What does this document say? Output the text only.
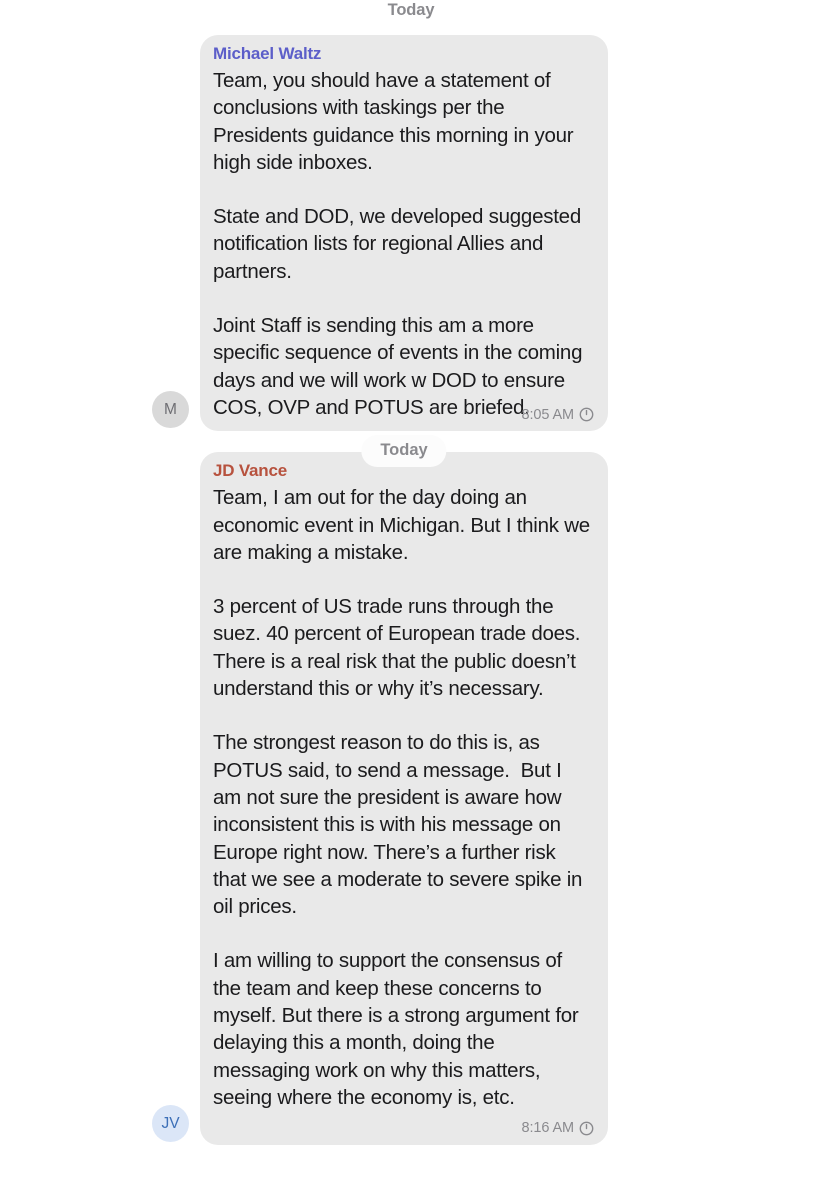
Today
M
Michael Waltz

Team, you should have a statement of conclusions with taskings per the Presidents guidance this morning in your high side inboxes.

State and DOD, we developed suggested notification lists for regional Allies and partners.

Joint Staff is sending this am a more specific sequence of events in the coming days and we will work w DOD to ensure COS, OVP and POTUS are briefed.

8:05 AM
JV
Today
JD Vance

Team, I am out for the day doing an economic event in Michigan. But I think we are making a mistake.

3 percent of US trade runs through the suez. 40 percent of European trade does. There is a real risk that the public doesn’t understand this or why it’s necessary.

The strongest reason to do this is, as POTUS said, to send a message.  But I am not sure the president is aware how inconsistent this is with his message on Europe right now. There’s a further risk that we see a moderate to severe spike in oil prices.

I am willing to support the consensus of the team and keep these concerns to myself. But there is a strong argument for delaying this a month, doing the messaging work on why this matters, seeing where the economy is, etc.

8:16 AM
